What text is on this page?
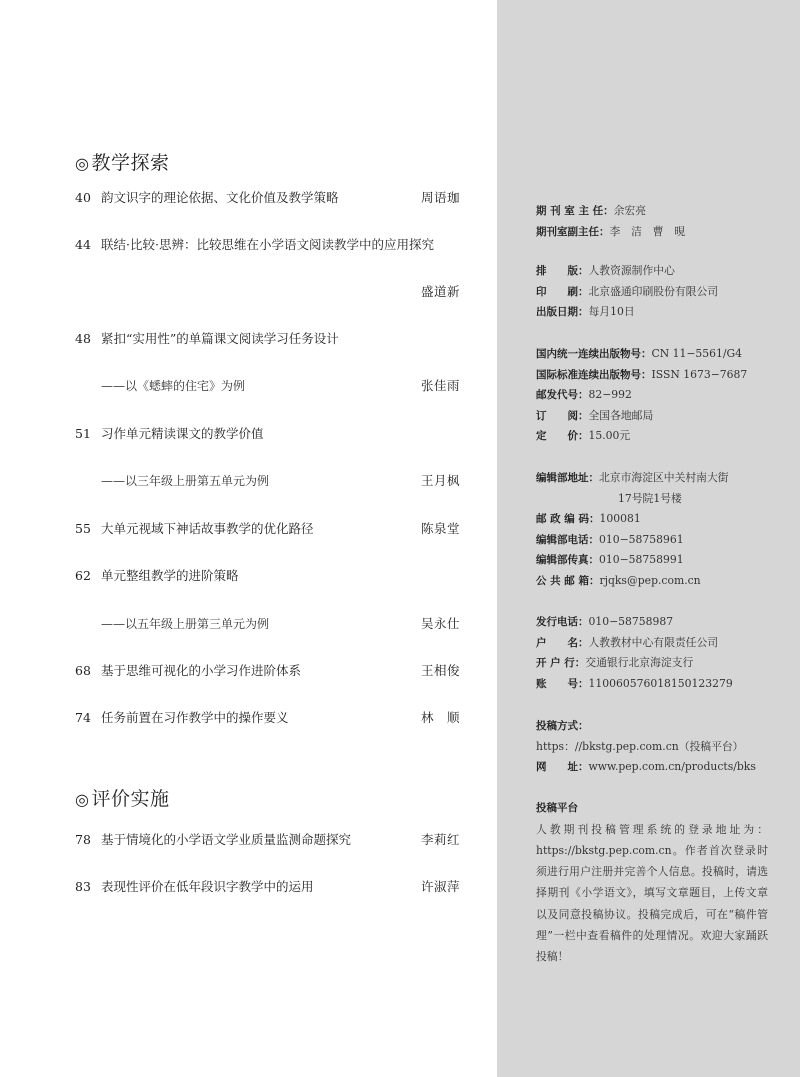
◎ 教学探索
40 韵文识字的理论依据、文化价值及教学策略	周语珈
44 联结·比较·思辨：比较思维在小学语文阅读教学中的应用探究
盛道新
48 紧扣“实用性”的单篇课文阅读学习任务设计
——以《蟋蟀的住宅》为例	张佳雨
51 习作单元精读课文的教学价值
——以三年级上册第五单元为例	王月枫
55 大单元视域下神话故事教学的优化路径	陈泉堂
62 单元整组教学的进阶策略
——以五年级上册第三单元为例	吴永仕
68 基于思维可视化的小学习作进阶体系	王相俊
74 任务前置在习作教学中的操作要义	林　顺
◎ 评价实施
78 基于情境化的小学语文学业质量监测命题探究	李莉红
83 表现性评价在低年段识字教学中的运用	许淑萍
期 刊 室 主 任：余宏亮
期刊室副主任：李　洁　曹　晛
排　　版：人教资源制作中心
印　　刷：北京盛通印刷股份有限公司
出版日期：每月10日
国内统一连续出版物号：CN 11−5561/G4
国际标准连续出版物号：ISSN 1673−7687
邮发代号：82−992
订　　阅：全国各地邮局
定　　价：15.00元
编辑部地址：北京市海淀区中关村南大街
17号院1号楼
邮 政 编 码：100081
编辑部电话：010−58758961
编辑部传真：010−58758991
公 共 邮 箱：rjqks@pep.com.cn
发行电话：010−58758987
户　　名：人教教材中心有限责任公司
开 户 行：交通银行北京海淀支行
账　　号：110060576018150123279
投稿方式：
https：//bkstg.pep.com.cn（投稿平台）
网　　址：www.pep.com.cn/products/bks
投稿平台
人教期刊投稿管理系统的登录地址为：https://bkstg.pep.com.cn。作者首次登录时须进行用户注册并完善个人信息。投稿时，请选择期刊《小学语文》，填写文章题目，上传文章以及同意投稿协议。投稿完成后，可在“稿件管理”一栏中查看稿件的处理情况。欢迎大家踊跃投稿！
